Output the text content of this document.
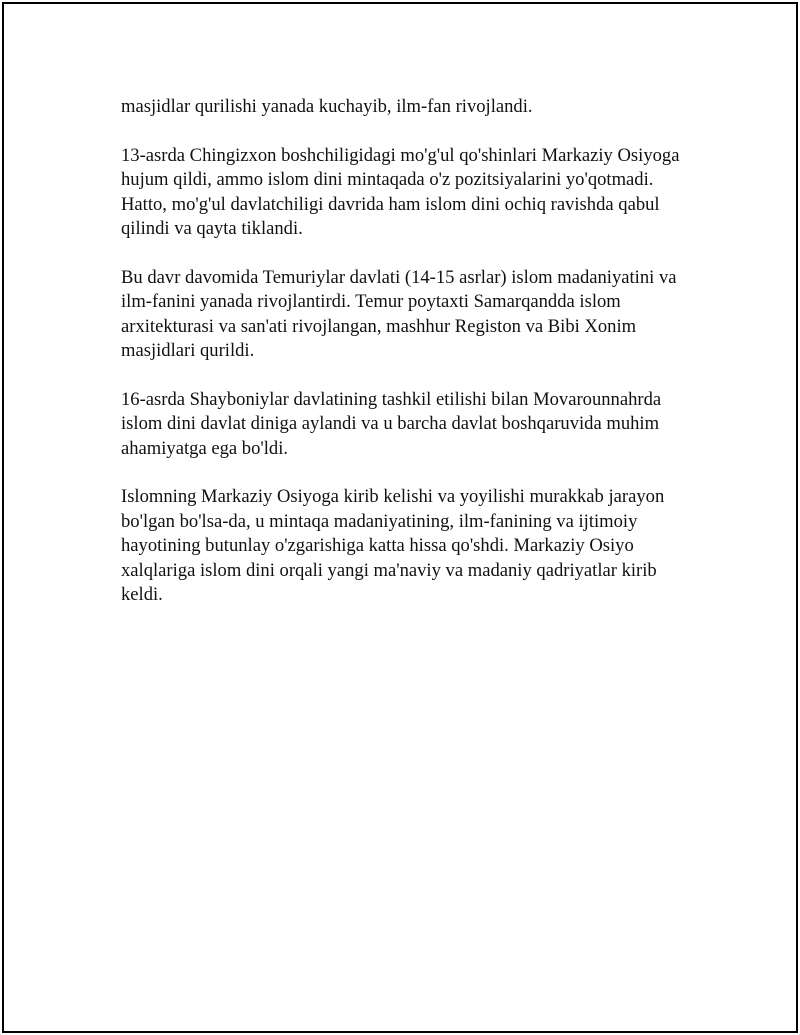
masjidlar qurilishi yanada kuchayib, ilm-fan rivojlandi.

13-asrda Chingizxon boshchiligidagi mo'g'ul qo'shinlari Markaziy Osiyoga
hujum qildi, ammo islom dini mintaqada o'z pozitsiyalarini yo'qotmadi.
Hatto, mo'g'ul davlatchiligi davrida ham islom dini ochiq ravishda qabul
qilindi va qayta tiklandi.

Bu davr davomida Temuriylar davlati (14-15 asrlar) islom madaniyatini va
ilm-fanini yanada rivojlantirdi. Temur poytaxti Samarqandda islom
arxitekturasi va san'ati rivojlangan, mashhur Registon va Bibi Xonim
masjidlari qurildi.

16-asrda Shayboniylar davlatining tashkil etilishi bilan Movarounnahrda
islom dini davlat diniga aylandi va u barcha davlat boshqaruvida muhim
ahamiyatga ega bo'ldi.

Islomning Markaziy Osiyoga kirib kelishi va yoyilishi murakkab jarayon
bo'lgan bo'lsa-da, u mintaqa madaniyatining, ilm-fanining va ijtimoiy
hayotining butunlay o'zgarishiga katta hissa qo'shdi. Markaziy Osiyo
xalqlariga islom dini orqali yangi ma'naviy va madaniy qadriyatlar kirib
keldi.
